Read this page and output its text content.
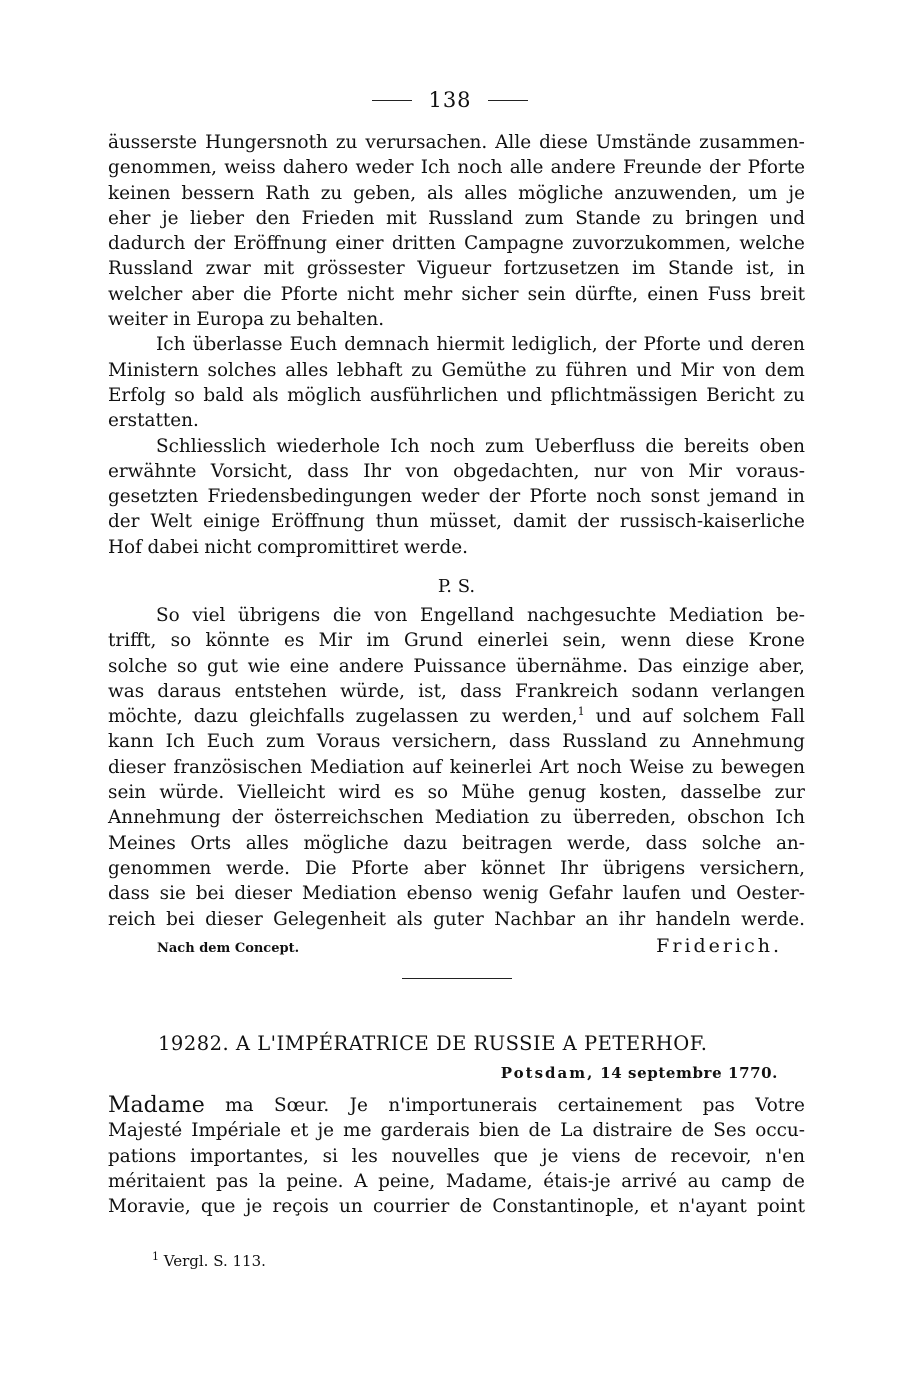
138
äusserste Hungersnoth zu verursachen. Alle diese Umstände zusammen-
genommen, weiss dahero weder Ich noch alle andere Freunde der Pforte
keinen bessern Rath zu geben, als alles mögliche anzuwenden, um je
eher je lieber den Frieden mit Russland zum Stande zu bringen und
dadurch der Eröffnung einer dritten Campagne zuvorzukommen, welche
Russland zwar mit grössester Vigueur fortzusetzen im Stande ist, in
welcher aber die Pforte nicht mehr sicher sein dürfte, einen Fuss breit
weiter in Europa zu behalten.
Ich überlasse Euch demnach hiermit lediglich, der Pforte und deren
Ministern solches alles lebhaft zu Gemüthe zu führen und Mir von dem
Erfolg so bald als möglich ausführlichen und pflichtmässigen Bericht zu
erstatten.
Schliesslich wiederhole Ich noch zum Ueberfluss die bereits oben
erwähnte Vorsicht, dass Ihr von obgedachten, nur von Mir voraus-
gesetzten Friedensbedingungen weder der Pforte noch sonst jemand in
der Welt einige Eröffnung thun müsset, damit der russisch-kaiserliche
Hof dabei nicht compromittiret werde.
P. S.
So viel übrigens die von Engelland nachgesuchte Mediation be-
trifft, so könnte es Mir im Grund einerlei sein, wenn diese Krone
solche so gut wie eine andere Puissance übernähme. Das einzige aber,
was daraus entstehen würde, ist, dass Frankreich sodann verlangen
möchte, dazu gleichfalls zugelassen zu werden,$^1$ und auf solchem Fall
kann Ich Euch zum Voraus versichern, dass Russland zu Annehmung
dieser französischen Mediation auf keinerlei Art noch Weise zu bewegen
sein würde. Vielleicht wird es so Mühe genug kosten, dasselbe zur
Annehmung der österreichschen Mediation zu überreden, obschon Ich
Meines Orts alles mögliche dazu beitragen werde, dass solche an-
genommen werde. Die Pforte aber könnet Ihr übrigens versichern,
dass sie bei dieser Mediation ebenso wenig Gefahr laufen und Oester-
reich bei dieser Gelegenheit als guter Nachbar an ihr handeln werde.
Nach dem Concept.	Friderich.
19282. A L'IMPÉRATRICE DE RUSSIE A PETERHOF.
Potsdam, 14 septembre 1770.
Madame ma Sœur. Je n'importunerais certainement pas Votre
Majesté Impériale et je me garderais bien de La distraire de Ses occu-
pations importantes, si les nouvelles que je viens de recevoir, n'en
méritaient pas la peine. A peine, Madame, étais-je arrivé au camp de
Moravie, que je reçois un courrier de Constantinople, et n'ayant point
$^1$ Vergl. S. 113.
